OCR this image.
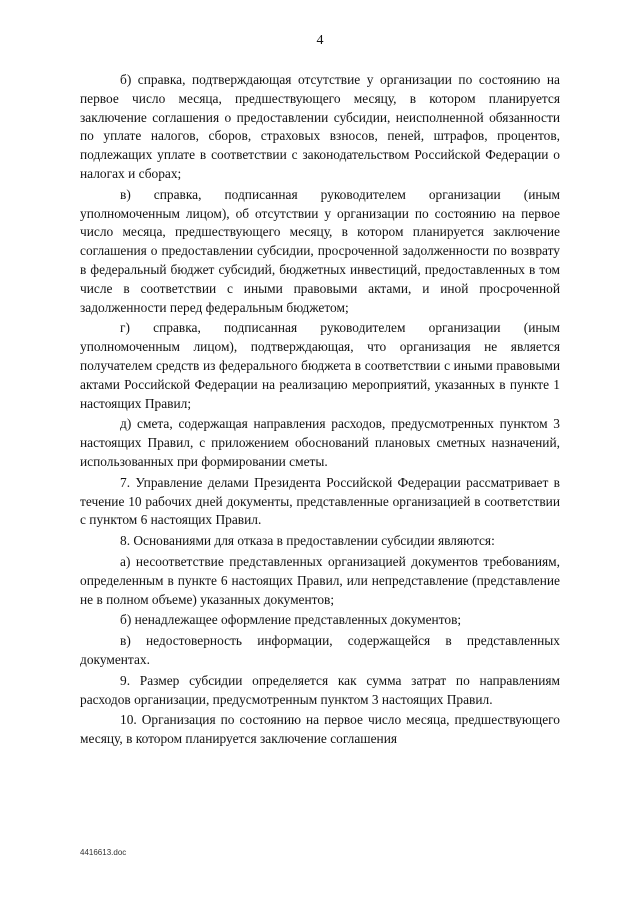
4

б) справка, подтверждающая отсутствие у организации по состоянию на первое число месяца, предшествующего месяцу, в котором планируется заключение соглашения о предоставлении субсидии, неисполненной обязанности по уплате налогов, сборов, страховых взносов, пеней, штрафов, процентов, подлежащих уплате в соответствии с законодательством Российской Федерации о налогах и сборах;

в) справка, подписанная руководителем организации (иным уполномоченным лицом), об отсутствии у организации по состоянию на первое число месяца, предшествующего месяцу, в котором планируется заключение соглашения о предоставлении субсидии, просроченной задолженности по возврату в федеральный бюджет субсидий, бюджетных инвестиций, предоставленных в том числе в соответствии с иными правовыми актами, и иной просроченной задолженности перед федеральным бюджетом;

г) справка, подписанная руководителем организации (иным уполномоченным лицом), подтверждающая, что организация не является получателем средств из федерального бюджета в соответствии с иными правовыми актами Российской Федерации на реализацию мероприятий, указанных в пункте 1 настоящих Правил;

д) смета, содержащая направления расходов, предусмотренных пунктом 3 настоящих Правил, с приложением обоснований плановых сметных назначений, использованных при формировании сметы.

7. Управление делами Президента Российской Федерации рассматривает в течение 10 рабочих дней документы, представленные организацией в соответствии с пунктом 6 настоящих Правил.

8. Основаниями для отказа в предоставлении субсидии являются:

а) несоответствие представленных организацией документов требованиям, определенным в пункте 6 настоящих Правил, или непредставление (представление не в полном объеме) указанных документов;

б) ненадлежащее оформление представленных документов;

в) недостоверность информации, содержащейся в представленных документах.

9. Размер субсидии определяется как сумма затрат по направлениям расходов организации, предусмотренным пунктом 3 настоящих Правил.

10. Организация по состоянию на первое число месяца, предшествующего месяцу, в котором планируется заключение соглашения

4416613.doc
